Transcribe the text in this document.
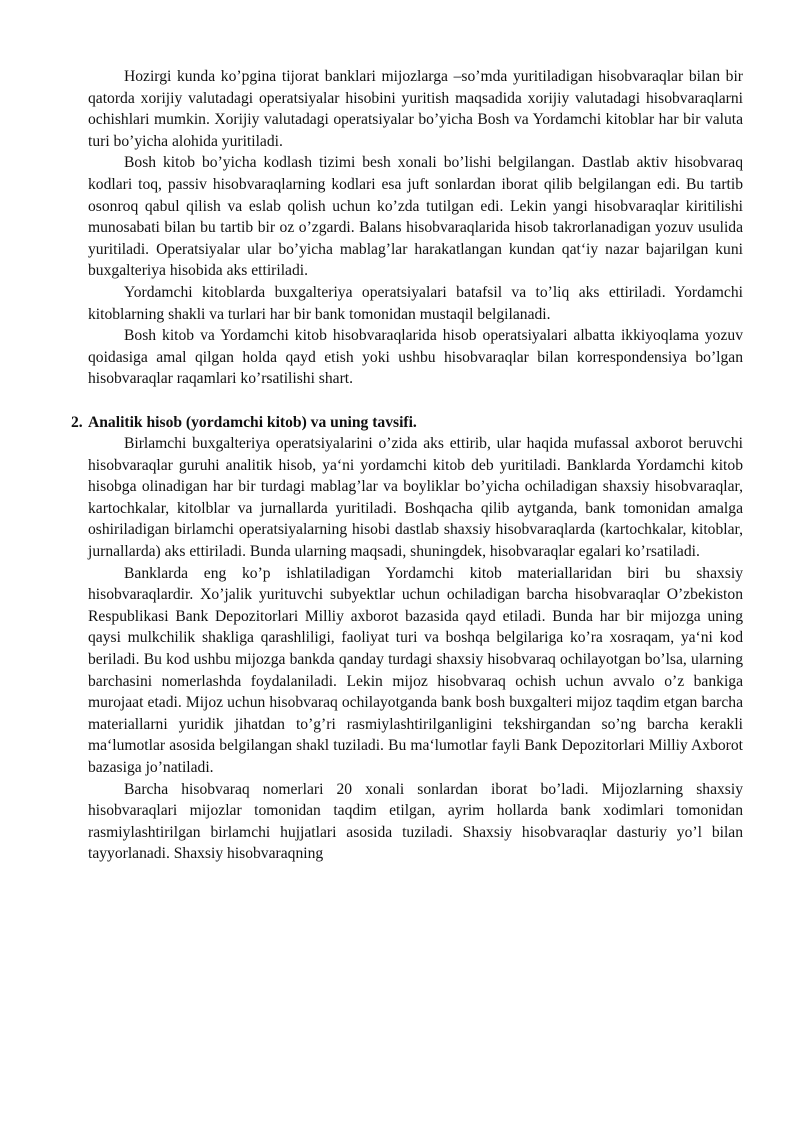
Hozirgi kunda ko’pgina tijorat banklari mijozlarga –so’mda yuritiladigan hisobvaraqlar bilan bir qatorda xorijiy valutadagi operatsiyalar hisobini yuritish maqsadida xorijiy valutadagi hisobvaraqlarni ochishlari mumkin. Xorijiy valutadagi operatsiyalar bo’yicha Bosh va Yordamchi kitoblar har bir valuta turi bo’yicha alohida yuritiladi.

Bosh kitob bo’yicha kodlash tizimi besh xonali bo’lishi belgilangan. Dastlab aktiv hisobvaraq kodlari toq, passiv hisobvaraqlarning kodlari esa juft sonlardan iborat qilib belgilangan edi. Bu tartib osonroq qabul qilish va eslab qolish uchun ko’zda tutilgan edi. Lekin yangi hisobvaraqlar kiritilishi munosabati bilan bu tartib bir oz o’zgardi. Balans hisobvaraqlarida hisob takrorlanadigan yozuv usulida yuritiladi. Operatsiyalar ular bo’yicha mablag’lar harakatlangan kundan qat‘iy nazar bajarilgan kuni buxgalteriya hisobida aks ettiriladi.

Yordamchi kitoblarda buxgalteriya operatsiyalari batafsil va to’liq aks ettiriladi. Yordamchi kitoblarning shakli va turlari har bir bank tomonidan mustaqil belgilanadi.

Bosh kitob va Yordamchi kitob hisobvaraqlarida hisob operatsiyalari albatta ikkiyoqlama yozuv qoidasiga amal qilgan holda qayd etish yoki ushbu hisobvaraqlar bilan korrespondensiya bo’lgan hisobvaraqlar raqamlari ko’rsatilishi shart.

2. Analitik hisob (yordamchi kitob) va uning tavsifi.

Birlamchi buxgalteriya operatsiyalarini o’zida aks ettirib, ular haqida mufassal axborot beruvchi hisobvaraqlar guruhi analitik hisob, ya‘ni yordamchi kitob deb yuritiladi. Banklarda Yordamchi kitob hisobga olinadigan har bir turdagi mablag’lar va boyliklar bo’yicha ochiladigan shaxsiy hisobvaraqlar, kartochkalar, kitolblar va jurnallarda yuritiladi. Boshqacha qilib aytganda, bank tomonidan amalga oshiriladigan birlamchi operatsiyalarning hisobi dastlab shaxsiy hisobvaraqlarda (kartochkalar, kitoblar, jurnallarda) aks ettiriladi. Bunda ularning maqsadi, shuningdek, hisobvaraqlar egalari ko’rsatiladi.

Banklarda eng ko’p ishlatiladigan Yordamchi kitob materiallaridan biri bu shaxsiy hisobvaraqlardir. Xo’jalik yurituvchi subyektlar uchun ochiladigan barcha hisobvaraqlar O’zbekiston Respublikasi Bank Depozitorlari Milliy axborot bazasida qayd etiladi. Bunda har bir mijozga uning qaysi mulkchilik shakliga qarashliligi, faoliyat turi va boshqa belgilariga ko’ra xosraqam, ya‘ni kod beriladi. Bu kod ushbu mijozga bankda qanday turdagi shaxsiy hisobvaraq ochilayotgan bo’lsa, ularning barchasini nomerlashda foydalaniladi. Lekin mijoz hisobvaraq ochish uchun avvalo o’z bankiga murojaat etadi. Mijoz uchun hisobvaraq ochilayotganda bank bosh buxgalteri mijoz taqdim etgan barcha materiallarni yuridik jihatdan to’g’ri rasmiylashtirilganligini tekshirgandan so’ng barcha kerakli ma‘lumotlar asosida belgilangan shakl tuziladi. Bu ma‘lumotlar fayli Bank Depozitorlari Milliy Axborot bazasiga jo’natiladi.

Barcha hisobvaraq nomerlari 20 xonali sonlardan iborat bo’ladi. Mijozlarning shaxsiy hisobvaraqlari mijozlar tomonidan taqdim etilgan, ayrim hollarda bank xodimlari tomonidan rasmiylashtirilgan birlamchi hujjatlari asosida tuziladi. Shaxsiy hisobvaraqlar dasturiy yo’l bilan tayyorlanadi. Shaxsiy hisobvaraqning
